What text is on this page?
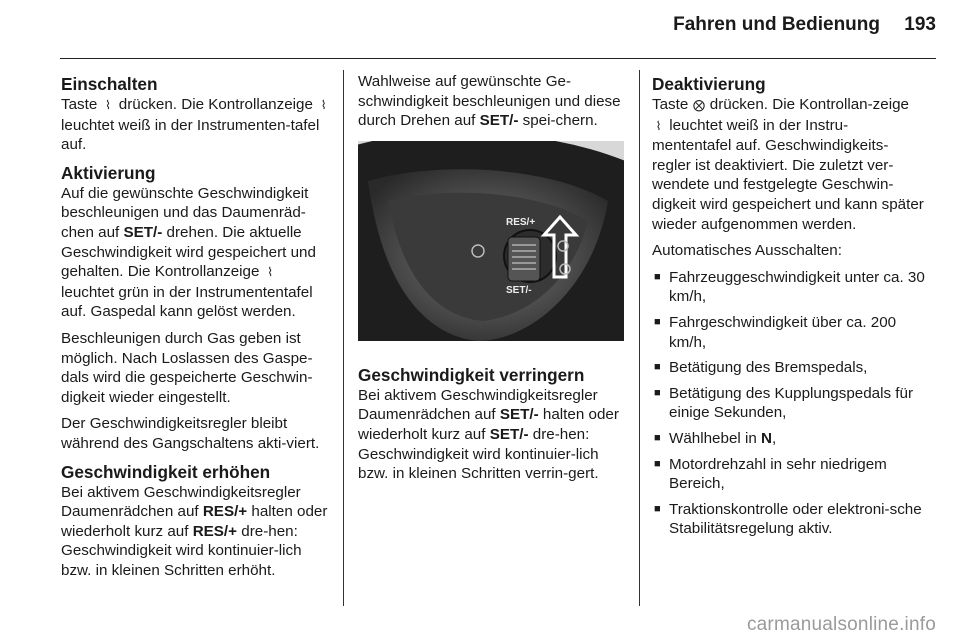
Fahren und Bedienung 193
Einschalten

Taste ⌇ drücken. Die Kontrollanzeige ⌇ leuchtet weiß in der Instrumenten-tafel auf.

Aktivierung

Auf die gewünschte Geschwindigkeit beschleunigen und das Daumenräd-chen auf SET/- drehen. Die aktuelle Geschwindigkeit wird gespeichert und gehalten. Die Kontrollanzeige ⌇ leuchtet grün in der Instrumententafel auf. Gaspedal kann gelöst werden.

Beschleunigen durch Gas geben ist möglich. Nach Loslassen des Gaspe-dals wird die gespeicherte Geschwin-digkeit wieder eingestellt.

Der Geschwindigkeitsregler bleibt während des Gangschaltens akti-viert.

Geschwindigkeit erhöhen

Bei aktivem Geschwindigkeitsregler Daumenrädchen auf RES/+ halten oder wiederholt kurz auf RES/+ dre-hen: Geschwindigkeit wird kontinuier-lich bzw. in kleinen Schritten erhöht.

Wahlweise auf gewünschte Ge-schwindigkeit beschleunigen und diese durch Drehen auf SET/- spei-chern.

RES/+
SET/-
Geschwindigkeit verringern

Bei aktivem Geschwindigkeitsregler Daumenrädchen auf SET/- halten oder wiederholt kurz auf SET/- dre-hen: Geschwindigkeit wird kontinuier-lich bzw. in kleinen Schritten verrin-gert.

Deaktivierung

Taste ⨂ drücken. Die Kontrollan-zeige ⌇ leuchtet weiß in der Instru-mententafel auf. Geschwindigkeits-regler ist deaktiviert. Die zuletzt ver-wendete und festgelegte Geschwin-digkeit wird gespeichert und kann später wieder aufgenommen werden.

Automatisches Ausschalten:

■ Fahrzeuggeschwindigkeit unter ca. 30 km/h,
■ Fahrgeschwindigkeit über ca. 200 km/h,
■ Betätigung des Bremspedals,
■ Betätigung des Kupplungspedals für einige Sekunden,
■ Wählhebel in N,
■ Motordrehzahl in sehr niedrigem Bereich,
■ Traktionskontrolle oder elektroni-sche Stabilitätsregelung aktiv.
carmanualsonline.info
